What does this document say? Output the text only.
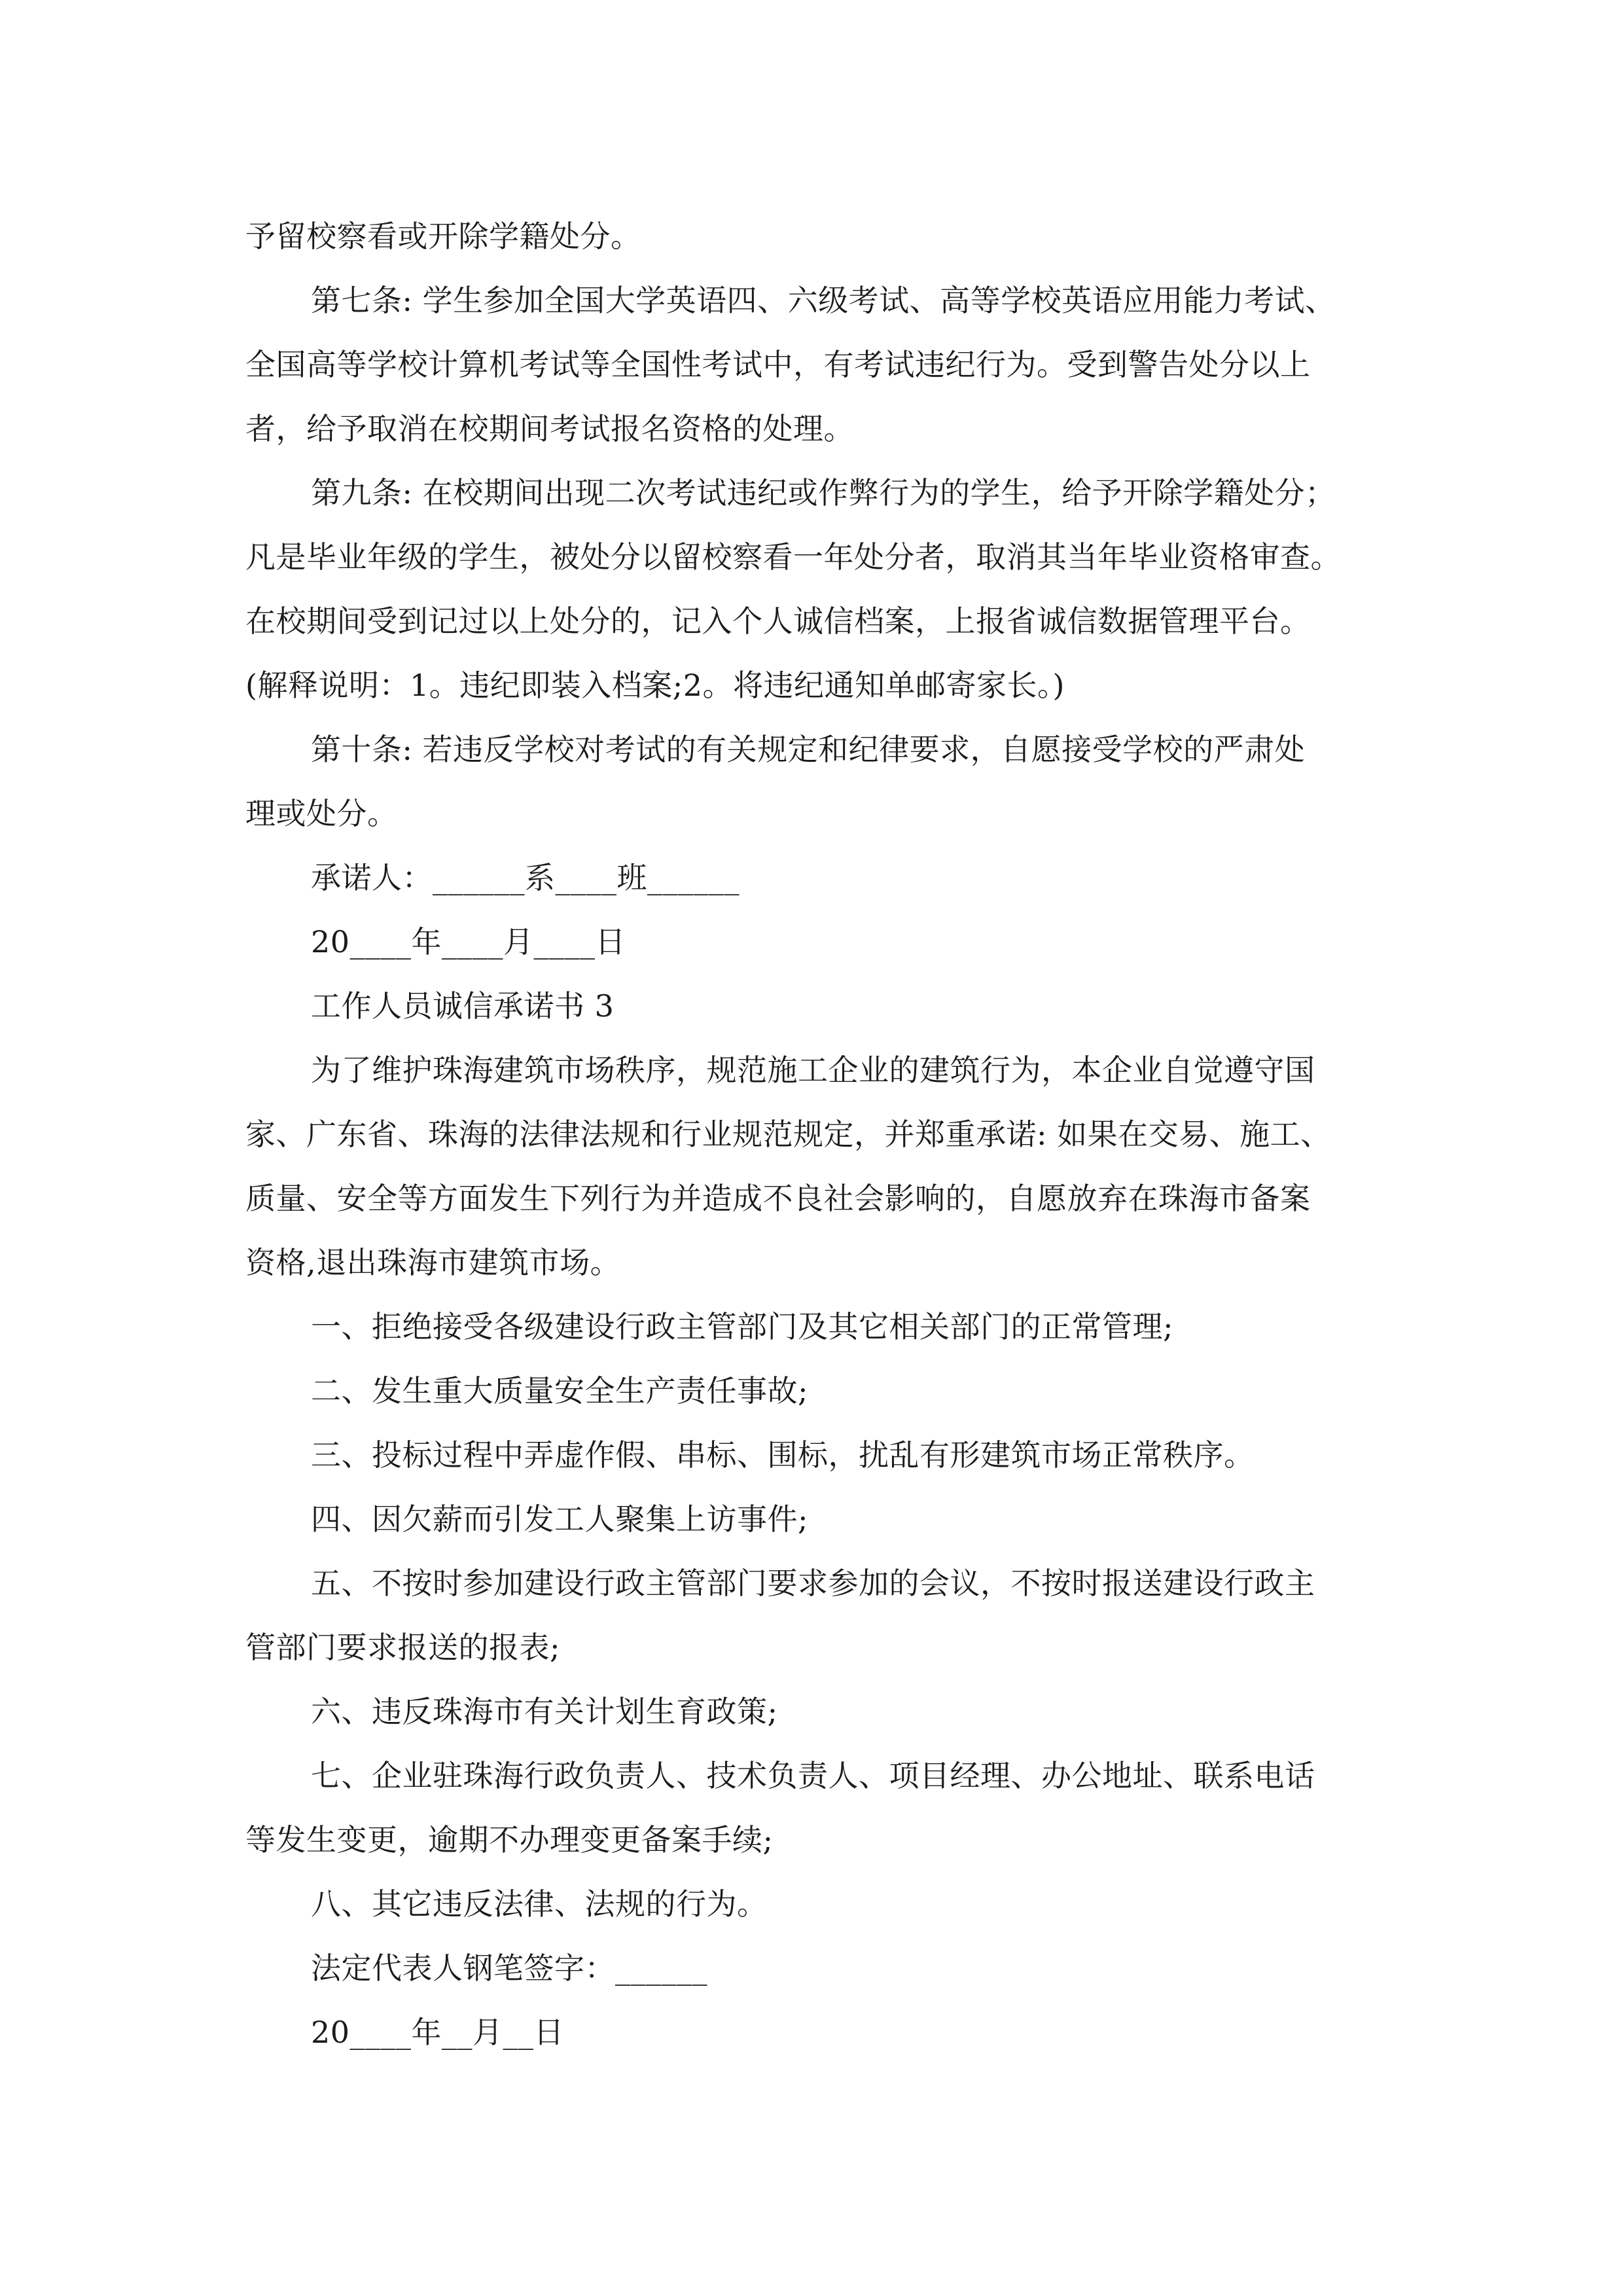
予留校察看或开除学籍处分。
第七条: 学生参加全国大学英语四、六级考试、高等学校英语应用能力考试、
全国高等学校计算机考试等全国性考试中，有考试违纪行为。受到警告处分以上
者，给予取消在校期间考试报名资格的处理。
第九条: 在校期间出现二次考试违纪或作弊行为的学生，给予开除学籍处分；
凡是毕业年级的学生，被处分以留校察看一年处分者，取消其当年毕业资格审查。
在校期间受到记过以上处分的，记入个人诚信档案，上报省诚信数据管理平台。
(解释说明：1。违纪即装入档案;2。将违纪通知单邮寄家长。)
第十条: 若违反学校对考试的有关规定和纪律要求，自愿接受学校的严肃处
理或处分。
承诺人：______系____班______
20____年____月____日
工作人员诚信承诺书 3
为了维护珠海建筑市场秩序，规范施工企业的建筑行为，本企业自觉遵守国
家、广东省、珠海的法律法规和行业规范规定，并郑重承诺: 如果在交易、施工、
质量、安全等方面发生下列行为并造成不良社会影响的，自愿放弃在珠海市备案
资格,退出珠海市建筑市场。
一、拒绝接受各级建设行政主管部门及其它相关部门的正常管理;
二、发生重大质量安全生产责任事故;
三、投标过程中弄虚作假、串标、围标，扰乱有形建筑市场正常秩序。
四、因欠薪而引发工人聚集上访事件;
五、不按时参加建设行政主管部门要求参加的会议，不按时报送建设行政主
管部门要求报送的报表;
六、违反珠海市有关计划生育政策;
七、企业驻珠海行政负责人、技术负责人、项目经理、办公地址、联系电话
等发生变更，逾期不办理变更备案手续;
八、其它违反法律、法规的行为。
法定代表人钢笔签字：______
20____年__月__日
